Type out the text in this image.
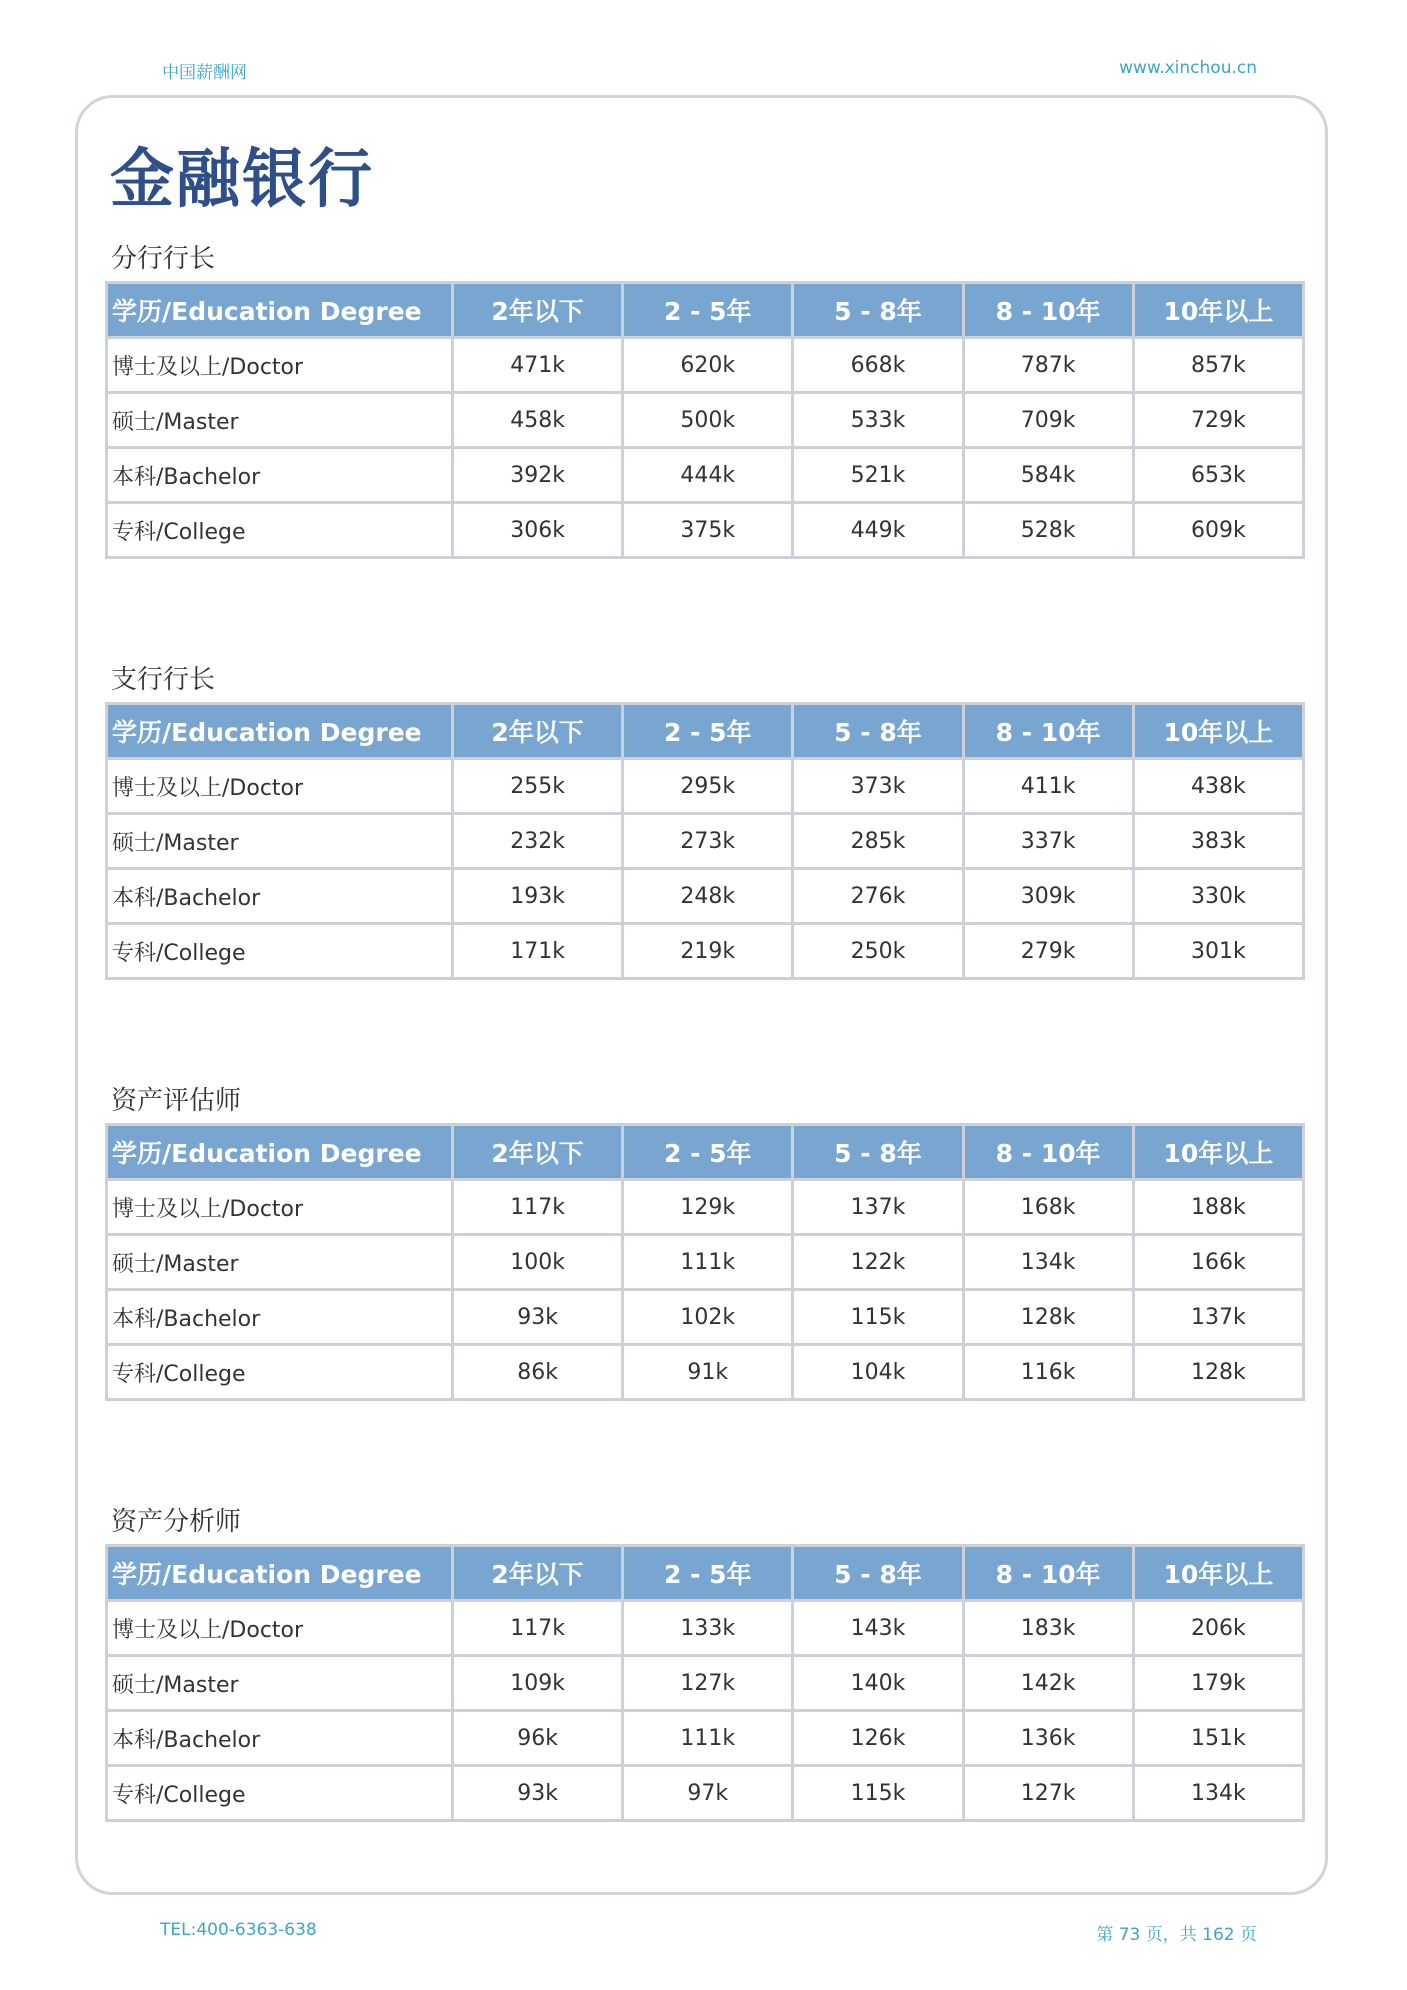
中国薪酬网	www.xinchou.cn
金融银行
分行行长
学历/Education Degree	2年以下	2 - 5年	5 - 8年	8 - 10年	10年以上
博士及以上/Doctor	471k	620k	668k	787k	857k
硕士/Master	458k	500k	533k	709k	729k
本科/Bachelor	392k	444k	521k	584k	653k
专科/College	306k	375k	449k	528k	609k
支行行长
学历/Education Degree	2年以下	2 - 5年	5 - 8年	8 - 10年	10年以上
博士及以上/Doctor	255k	295k	373k	411k	438k
硕士/Master	232k	273k	285k	337k	383k
本科/Bachelor	193k	248k	276k	309k	330k
专科/College	171k	219k	250k	279k	301k
资产评估师
学历/Education Degree	2年以下	2 - 5年	5 - 8年	8 - 10年	10年以上
博士及以上/Doctor	117k	129k	137k	168k	188k
硕士/Master	100k	111k	122k	134k	166k
本科/Bachelor	93k	102k	115k	128k	137k
专科/College	86k	91k	104k	116k	128k
资产分析师
学历/Education Degree	2年以下	2 - 5年	5 - 8年	8 - 10年	10年以上
博士及以上/Doctor	117k	133k	143k	183k	206k
硕士/Master	109k	127k	140k	142k	179k
本科/Bachelor	96k	111k	126k	136k	151k
专科/College	93k	97k	115k	127k	134k
TEL:400-6363-638	第 73 页，共 162 页
